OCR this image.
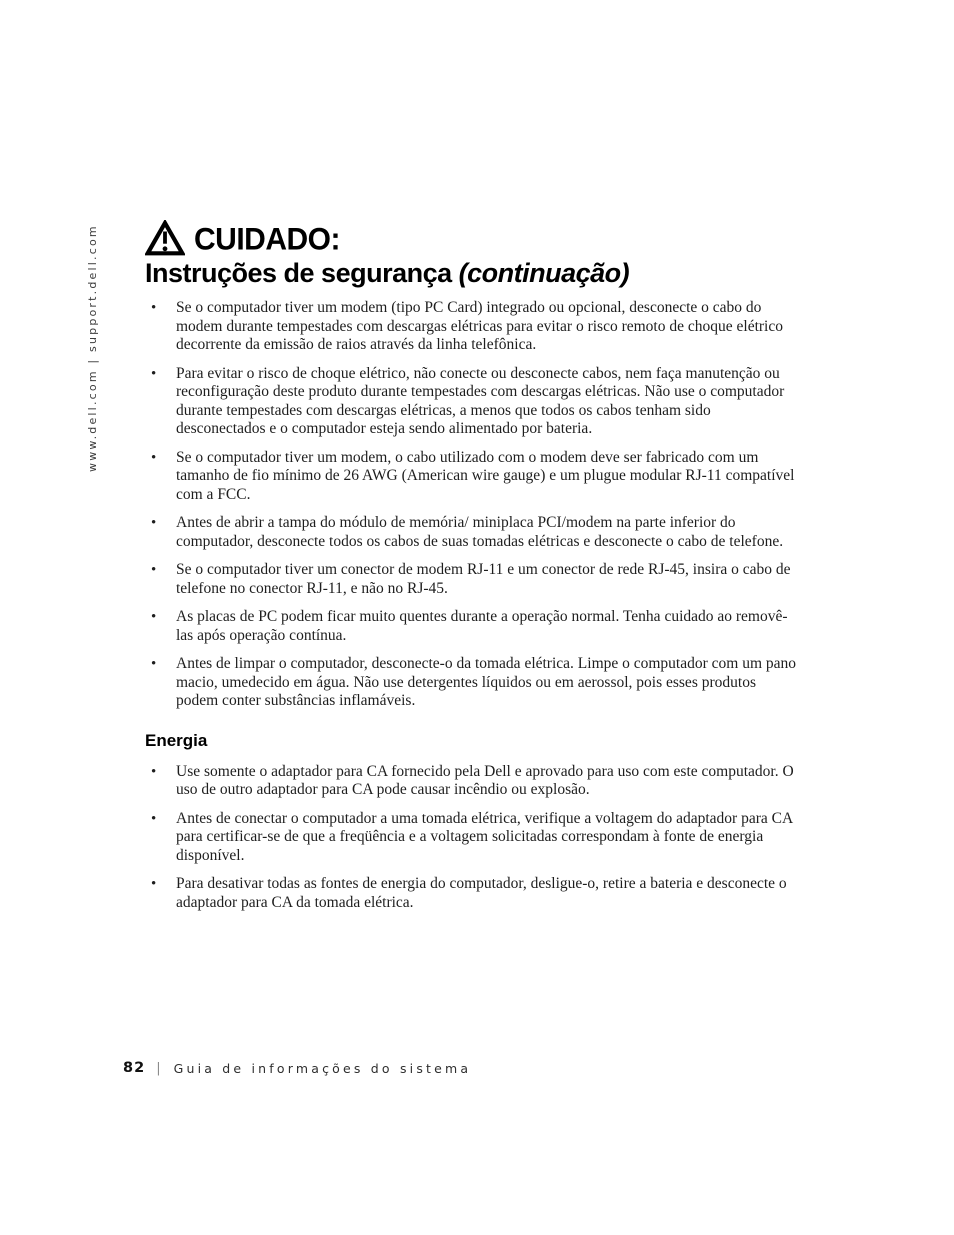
www.dell.com | support.dell.com	CUIDADO:
Instruções de segurança (continuação)
• Se o computador tiver um modem (tipo PC Card) integrado ou opcional, desconecte o cabo do modem durante tempestades com descargas elétricas para evitar o risco remoto de choque elétrico decorrente da emissão de raios através da linha telefônica.
• Para evitar o risco de choque elétrico, não conecte ou desconecte cabos, nem faça manutenção ou reconfiguração deste produto durante tempestades com descargas elétricas. Não use o computador durante tempestades com descargas elétricas, a menos que todos os cabos tenham sido desconectados e o computador esteja sendo alimentado por bateria.
• Se o computador tiver um modem, o cabo utilizado com o modem deve ser fabricado com um tamanho de fio mínimo de 26 AWG (American wire gauge) e um plugue modular RJ-11 compatível com a FCC.
• Antes de abrir a tampa do módulo de memória/ miniplaca PCI/modem na parte inferior do computador, desconecte todos os cabos de suas tomadas elétricas e desconecte o cabo de telefone.
• Se o computador tiver um conector de modem RJ-11 e um conector de rede RJ-45, insira o cabo de telefone no conector RJ-11, e não no RJ-45.
• As placas de PC podem ficar muito quentes durante a operação normal. Tenha cuidado ao removê-las após operação contínua.
• Antes de limpar o computador, desconecte-o da tomada elétrica. Limpe o computador com um pano macio, umedecido em água. Não use detergentes líquidos ou em aerossol, pois esses produtos podem conter substâncias inflamáveis.
Energia
• Use somente o adaptador para CA fornecido pela Dell e aprovado para uso com este computador. O uso de outro adaptador para CA pode causar incêndio ou explosão.
• Antes de conectar o computador a uma tomada elétrica, verifique a voltagem do adaptador para CA para certificar-se de que a freqüência e a voltagem solicitadas correspondam à fonte de energia disponível.
• Para desativar todas as fontes de energia do computador, desligue-o, retire a bateria e desconecte o adaptador para CA da tomada elétrica.
82 | Guia de informações do sistema
